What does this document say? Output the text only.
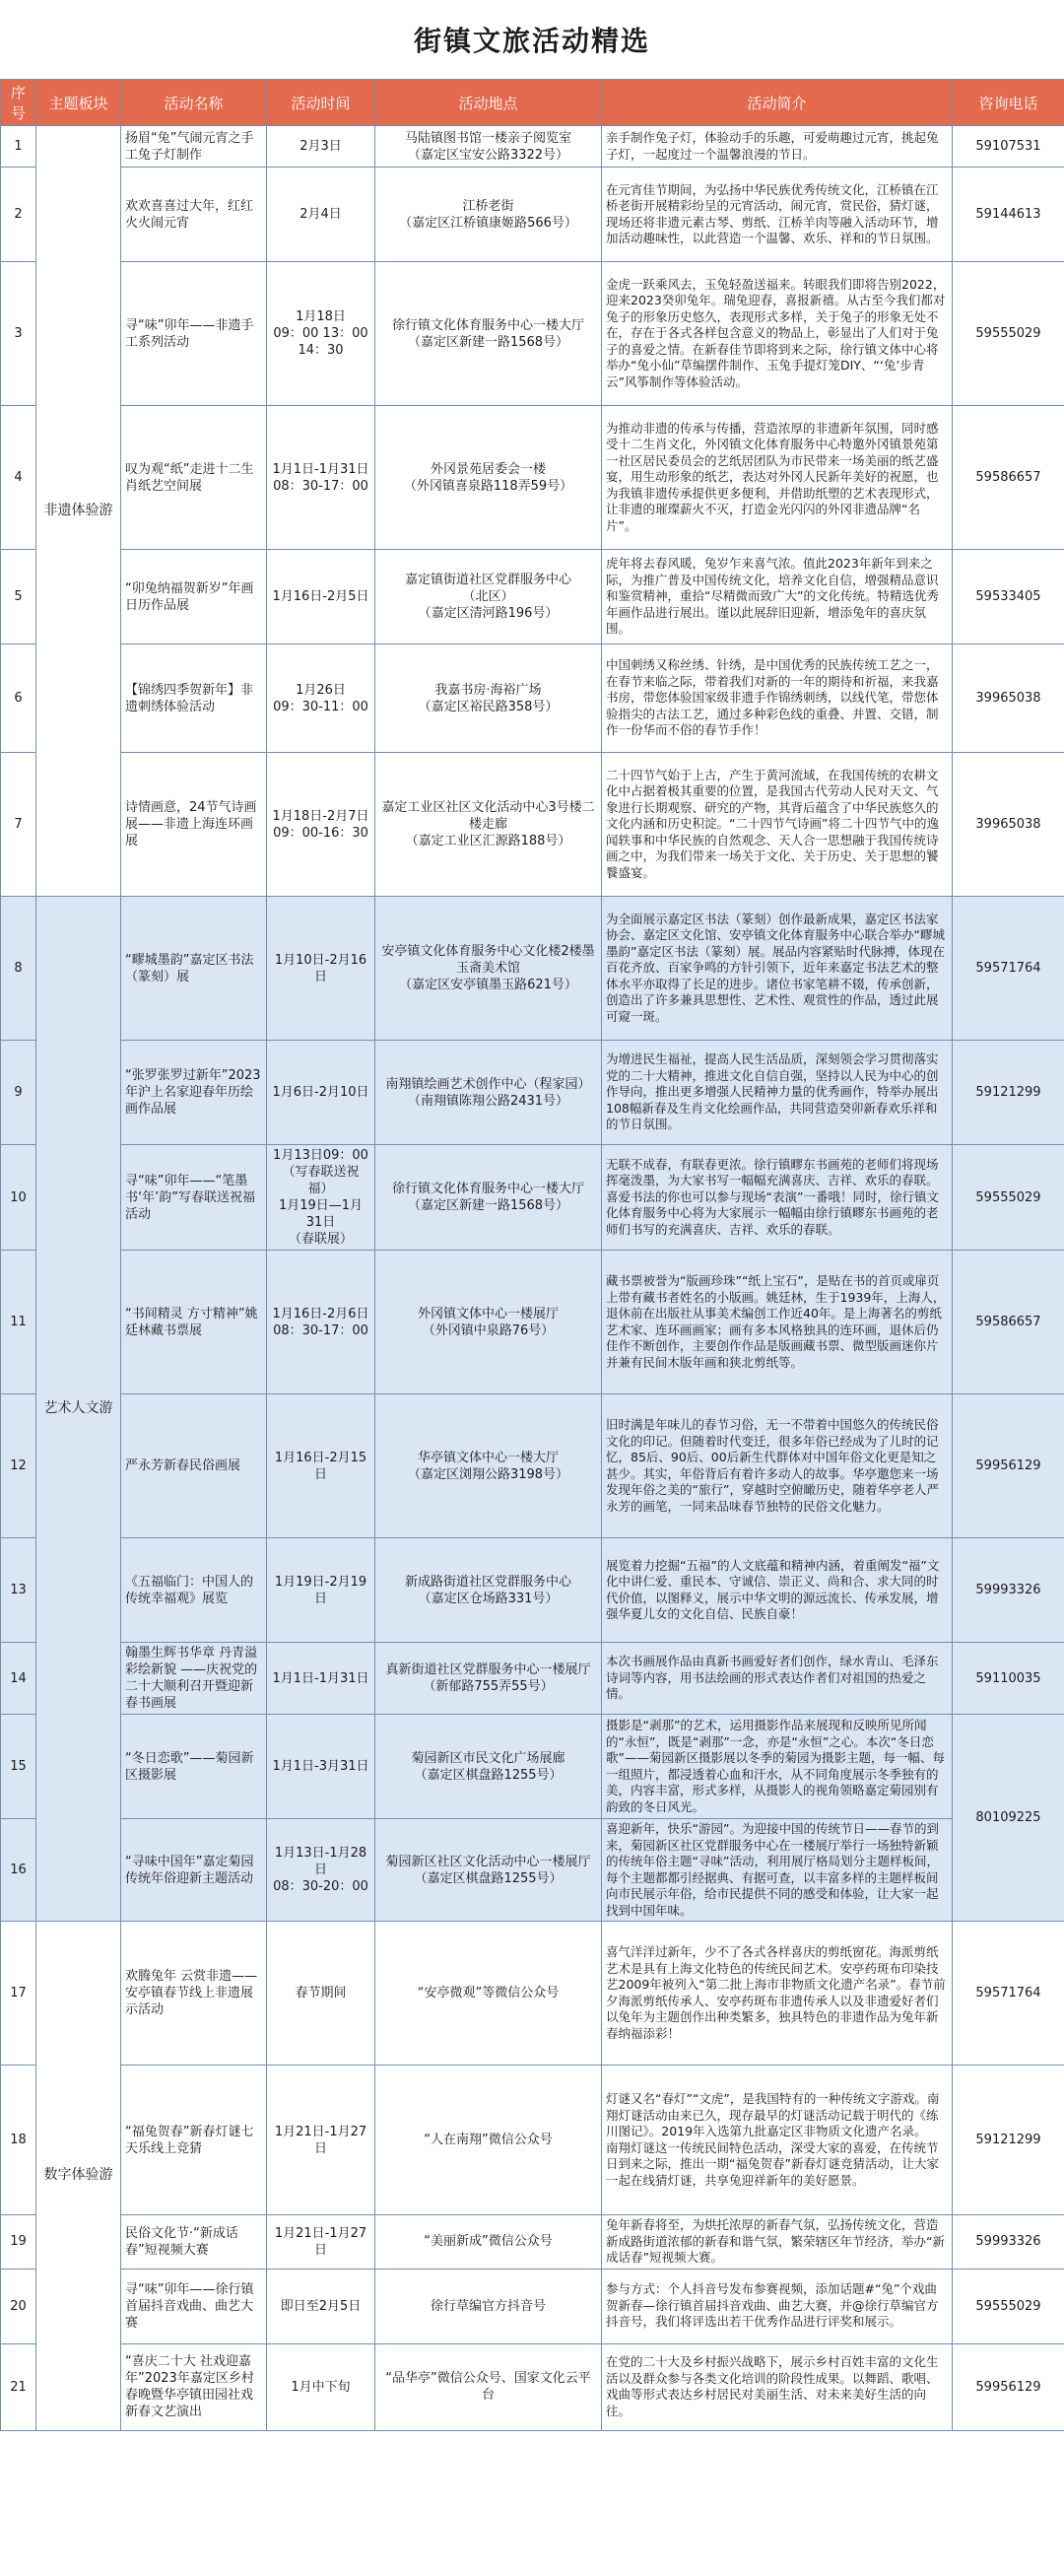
街镇文旅活动精选
序号	主题板块	活动名称	活动时间	活动地点	活动简介	咨询电话
1	非遗体验游	扬眉“兔”气闹元宵之手工兔子灯制作	2月3日	马陆镇图书馆一楼亲子阅览室
（嘉定区宝安公路3322号）	亲手制作兔子灯，体验动手的乐趣，可爱萌趣过元宵，挑起兔子灯，一起度过一个温馨浪漫的节日。	59107531
2		欢欢喜喜过大年，红红火火闹元宵	2月4日	江桥老街
（嘉定区江桥镇康姬路566号）	在元宵佳节期间，为弘扬中华民族优秀传统文化，江桥镇在江桥老街开展精彩纷呈的元宵活动，闹元宵，赏民俗，猜灯谜，现场还将非遗元素古琴、剪纸、江桥羊肉等融入活动环节，增加活动趣味性，以此营造一个温馨、欢乐、祥和的节日氛围。	59144613
3		寻“味”卯年——非遗手工系列活动	1月18日
09：00 13：00
14：30	徐行镇文化体育服务中心一楼大厅
（嘉定区新建一路1568号）	金虎一跃乘风去，玉兔轻盈送福来。转眼我们即将告别2022，迎来2023癸卯兔年。瑞兔迎春，喜报新禧。从古至今我们都对兔子的形象历史悠久，表现形式多样，关于兔子的形象无处不在，存在于各式各样包含意义的物品上，彰显出了人们对于兔子的喜爱之情。在新春佳节即将到来之际，徐行镇文体中心将举办“兔小仙”草编摆件制作、玉兔手提灯笼DIY、“‘兔’步青云”风筝制作等体验活动。	59555029
4		叹为观“纸”走进十二生肖纸艺空间展	1月1日-1月31日
08：30-17：00	外冈景苑居委会一楼
（外冈镇喜泉路118弄59号）	为推动非遗的传承与传播，营造浓厚的非遗新年氛围，同时感受十二生肖文化，外冈镇文化体育服务中心特邀外冈镇景苑第一社区居民委员会的艺纸居团队为市民带来一场美丽的纸艺盛宴，用生动形象的纸艺，表达对外冈人民新年美好的祝愿，也为我镇非遗传承提供更多便利，并借助纸塑的艺术表现形式，让非遗的璀璨薪火不灭，打造金光闪闪的外冈非遗品牌“名片”。	59586657
5		“卯兔纳福贺新岁”年画日历作品展	1月16日-2月5日	嘉定镇街道社区党群服务中心
（北区）
（嘉定区清河路196号）	虎年将去春风暖，兔岁乍来喜气浓。值此2023年新年到来之际，为推广普及中国传统文化，培养文化自信，增强精品意识和鉴赏精神，重拾“尽精微而致广大”的文化传统。特精选优秀年画作品进行展出。谨以此展辞旧迎新，增添兔年的喜庆氛围。	59533405
6		【锦绣四季贺新年】非遗刺绣体验活动	1月26日
09：30-11：00	我嘉书房·海裕广场
（嘉定区裕民路358号）	中国刺绣又称丝绣、针绣，是中国优秀的民族传统工艺之一，在春节来临之际，带着我们对新的一年的期待和祈福，来我嘉书房，带您体验国家级非遗手作锦绣刺绣，以线代笔，带您体验指尖的古法工艺，通过多种彩色线的重叠、并置、交错，制作一份华而不俗的春节手作！	39965038
7		诗情画意，24节气诗画展——非遗上海连环画展	1月18日-2月7日
09：00-16：30	嘉定工业区社区文化活动中心3号楼二楼走廊
（嘉定工业区汇源路188号）	二十四节气始于上古，产生于黄河流域，在我国传统的农耕文化中占据着极其重要的位置，是我国古代劳动人民对天文、气象进行长期观察、研究的产物，其背后蕴含了中华民族悠久的文化内涵和历史积淀。“二十四节气诗画”将二十四节气中的逸闻轶事和中华民族的自然观念、天人合一思想融于我国传统诗画之中，为我们带来一场关于文化、关于历史、关于思想的饕餮盛宴。	39965038
8	艺术人文游	“疁城墨韵”嘉定区书法（篆刻）展	1月10日-2月16日	安亭镇文化体育服务中心文化楼2楼墨玉斋美术馆
（嘉定区安亭镇墨玉路621号）	为全面展示嘉定区书法（篆刻）创作最新成果，嘉定区书法家协会、嘉定区文化馆、安亭镇文化体育服务中心联合举办“疁城墨韵”嘉定区书法（篆刻）展。展品内容紧贴时代脉搏，体现在百花齐放、百家争鸣的方针引领下，近年来嘉定书法艺术的整体水平亦取得了长足的进步。诸位书家笔耕不辍，传承创新，创造出了许多兼具思想性、艺术性、观赏性的作品，透过此展可窥一斑。	59571764
9		“张罗张罗过新年”2023年沪上名家迎春年历绘画作品展	1月6日-2月10日	南翔镇绘画艺术创作中心（程家园）
（南翔镇陈翔公路2431号）	为增进民生福祉，提高人民生活品质，深刻领会学习贯彻落实党的二十大精神，推进文化自信自强，坚持以人民为中心的创作导向，推出更多增强人民精神力量的优秀画作，特举办展出108幅新春及生肖文化绘画作品，共同营造癸卯新春欢乐祥和的节日氛围。	59121299
10		寻“味”卯年——“笔墨书‘年’韵”写春联送祝福活动	1月13日09：00
（写春联送祝福）
1月19日—1月31日
（春联展）	徐行镇文化体育服务中心一楼大厅
（嘉定区新建一路1568号）	无联不成春，有联春更浓。徐行镇疁东书画苑的老师们将现场挥毫泼墨，为大家书写一幅幅充满喜庆、吉祥、欢乐的春联。喜爱书法的你也可以参与现场“表演”一番哦！同时，徐行镇文化体育服务中心将为大家展示一幅幅由徐行镇疁东书画苑的老师们书写的充满喜庆、吉祥、欢乐的春联。	59555029
11		“书间精灵 方寸精神”姚廷林藏书票展	1月16日-2月6日
08：30-17：00	外冈镇文体中心一楼展厅
（外冈镇中泉路76号）	藏书票被誉为“版画珍珠”“纸上宝石”，是贴在书的首页或扉页上带有藏书者姓名的小版画。姚廷林，生于1939年，上海人，退休前在出版社从事美术编创工作近40年。是上海著名的剪纸艺术家、连环画画家；画有多本风格独具的连环画，退休后仍佳作不断创作，主要创作作品是版画藏书票、微型版画迷你片并兼有民间木版年画和狭北剪纸等。	59586657
12		严永芳新春民俗画展	1月16日-2月15日	华亭镇文体中心一楼大厅
（嘉定区浏翔公路3198号）	旧时满是年味儿的春节习俗，无一不带着中国悠久的传统民俗文化的印记。但随着时代变迁，很多年俗已经成为了儿时的记忆，85后、90后、00后新生代群体对中国年俗文化更是知之甚少。其实，年俗背后有着许多动人的故事。华亭邀您来一场发现年俗之美的“旅行”，穿越时空俯瞰历史，随着华亭老人严永芳的画笔，一同来品味春节独特的民俗文化魅力。	59956129
13		《五福临门：中国人的传统幸福观》展览	1月19日-2月19日	新成路街道社区党群服务中心
（嘉定区仓场路331号）	展览着力挖掘“五福”的人文底蕴和精神内涵，着重阐发“福”文化中讲仁爱、重民本、守诚信、崇正义、尚和合、求大同的时代价值，以图释义，展示中华文明的源远流长、传承发展，增强华夏儿女的文化自信、民族自豪！	59993326
14		翰墨生辉书华章 丹青溢彩绘新貌 ——庆祝党的二十大顺利召开暨迎新春书画展	1月1日-1月31日	真新街道社区党群服务中心一楼展厅
（新郁路755弄55号）	本次书画展作品由真新书画爱好者们创作，绿水青山、毛泽东诗词等内容，用书法绘画的形式表达作者们对祖国的热爱之情。	59110035
15		“冬日恋歌”——菊园新区摄影展	1月1日-3月31日	菊园新区市民文化广场展廊
（嘉定区棋盘路1255号）	摄影是“剥那”的艺术，运用摄影作品来展现和反映所见所闻的“永恒”，既是“剥那”一念，亦是“永恒”之心。本次“冬日恋歌”——菊园新区摄影展以冬季的菊园为摄影主题，每一幅、每一组照片，都浸透着心血和汗水，从不同角度展示冬季独有的美，内容丰富，形式多样，从摄影人的视角领略嘉定菊园别有韵致的冬日风光。	80109225
16		“寻味中国年”嘉定菊园传统年俗迎新主题活动	1月13日-1月28日
08：30-20：00	菊园新区社区文化活动中心一楼展厅
（嘉定区棋盘路1255号）	喜迎新年，快乐“游园”。为迎接中国的传统节日——春节的到来，菊园新区社区党群服务中心在一楼展厅举行一场独特新颖的传统年俗主题“寻味”活动，利用展厅格局划分主题样板间，每个主题都都引经据典、有据可查，以丰富多样的主题样板间向市民展示年俗，给市民提供不同的感受和体验，让大家一起找到中国年味。	
17	数字体验游	欢腾兔年 云赏非遗——安亭镇春节线上非遗展示活动	春节期间	“安亭微观”等微信公众号	喜气洋洋过新年，少不了各式各样喜庆的剪纸窗花。海派剪纸艺术是具有上海文化特色的传统民间艺术。安亭药斑布印染技艺2009年被列入“第二批上海市非物质文化遗产名录”。春节前夕海派剪纸传承人、安亭药斑布非遗传承人以及非遗爱好者们以兔年为主题创作出种类繁多，独具特色的非遗作品为兔年新春纳福添彩！	59571764
18		“福兔贺春”新春灯谜七天乐线上竞猜	1月21日-1月27日	“人在南翔”微信公众号	灯谜又名“春灯”“文虎”，是我国特有的一种传统文字游戏。南翔灯谜活动由来已久，现存最早的灯谜活动记载于明代的《练川图记》。2019年入选第九批嘉定区非物质文化遗产名录。
南翔灯谜这一传统民间特色活动，深受大家的喜爱，在传统节日到来之际，推出一期“福兔贺春”新春灯谜竞猜活动，让大家一起在线猜灯谜，共享兔迎祥新年的美好愿景。	59121299
19		民俗文化节·“新成话春”短视频大赛	1月21日-1月27日	“美丽新成”微信公众号	兔年新春将至，为烘托浓厚的新春气氛，弘扬传统文化，营造新成路街道浓郁的新春和谐气氛，繁荣辖区年节经济，举办“新成话春”短视频大赛。	59993326
20		寻“味”卯年——徐行镇首届抖音戏曲、曲艺大赛	即日至2月5日	徐行草编官方抖音号	参与方式：个人抖音号发布参赛视频，添加话题#“兔”个戏曲贺新春—徐行镇首届抖音戏曲、曲艺大赛，并@徐行草编官方抖音号，我们将评选出若干优秀作品进行评奖和展示。	59555029
21		“喜庆二十大 社戏迎嘉年”2023年嘉定区乡村春晚暨华亭镇田园社戏新春文艺演出	1月中下旬	“品华亭”微信公众号、国家文化云平台	在党的二十大及乡村振兴战略下，展示乡村百姓丰富的文化生活以及群众参与各类文化培训的阶段性成果。以舞蹈、歌唱、戏曲等形式表达乡村居民对美丽生活、对未来美好生活的向往。	59956129
